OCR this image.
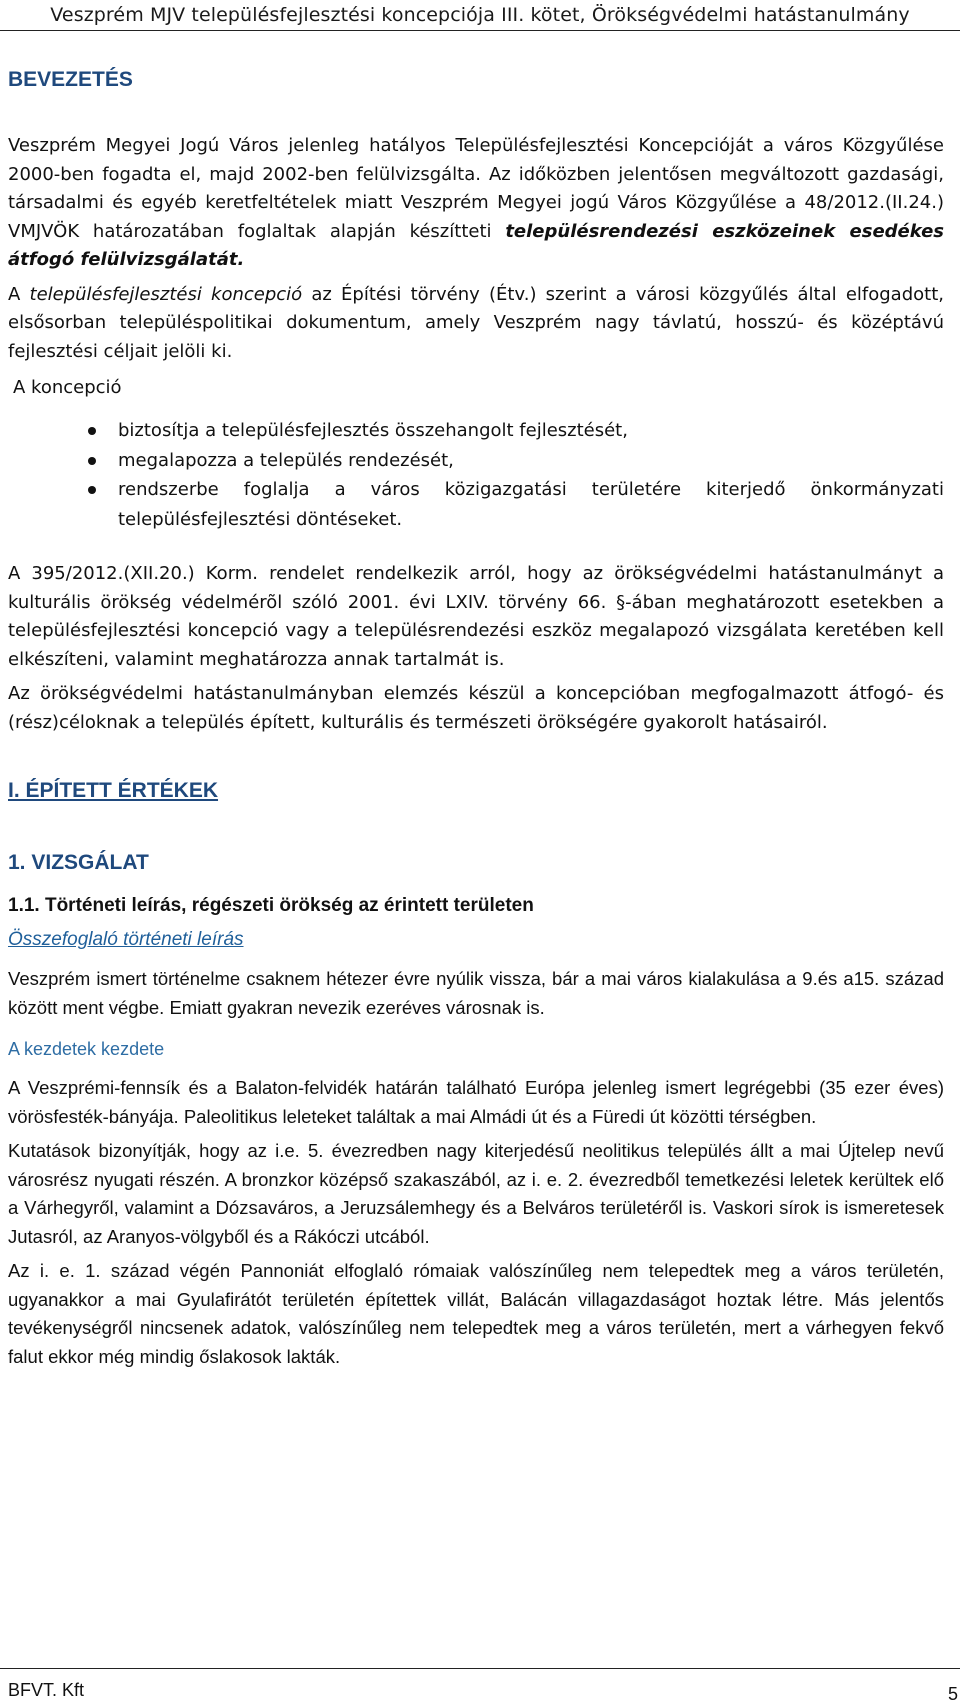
Veszprém MJV településfejlesztési koncepciója III. kötet, Örökségvédelmi hatástanulmány
BEVEZETÉS

Veszprém Megyei Jogú Város jelenleg hatályos Településfejlesztési Koncepcióját a város Közgyűlése 2000-ben fogadta el, majd 2002-ben felülvizsgálta. Az időközben jelentősen megváltozott gazdasági, társadalmi és egyéb keretfeltételek miatt Veszprém Megyei jogú Város Közgyűlése a 48/2012.(II.24.) VMJVÖK határozatában foglaltak alapján készítteti településrendezési eszközeinek esedékes átfogó felülvizsgálatát.

A településfejlesztési koncepció az Építési törvény (Étv.) szerint a városi közgyűlés által elfogadott, elsősorban településpolitikai dokumentum, amely Veszprém nagy távlatú, hosszú- és középtávú fejlesztési céljait jelöli ki.

A koncepció
biztosítja a településfejlesztés összehangolt fejlesztését,
megalapozza a település rendezését,
rendszerbe foglalja a város közigazgatási területére kiterjedő önkormányzati településfejlesztési döntéseket.

A 395/2012.(XII.20.) Korm. rendelet rendelkezik arról, hogy az örökségvédelmi hatástanulmányt a kulturális örökség védelmérõl szóló 2001. évi LXIV. törvény 66. §-ában meghatározott esetekben a településfejlesztési koncepció vagy a településrendezési eszköz megalapozó vizsgálata keretében kell elkészíteni, valamint meghatározza annak tartalmát is.

Az örökségvédelmi hatástanulmányban elemzés készül a koncepcióban megfogalmazott átfogó- és (rész)céloknak a település épített, kulturális és természeti örökségére gyakorolt hatásairól.

I. ÉPÍTETT ÉRTÉKEK
1. VIZSGÁLAT
1.1. Történeti leírás, régészeti örökség az érintett területen
Összefoglaló történeti leírás

Veszprém ismert történelme csaknem hétezer évre nyúlik vissza, bár a mai város kialakulása a 9.és a15. század között ment végbe. Emiatt gyakran nevezik ezeréves városnak is.

A kezdetek kezdete

A Veszprémi-fennsík és a Balaton-felvidék határán található Európa jelenleg ismert legrégebbi (35 ezer éves) vörösfesték-bányája. Paleolitikus leleteket találtak a mai Almádi út és a Füredi út közötti térségben.

Kutatások bizonyítják, hogy az i.e. 5. évezredben nagy kiterjedésű neolitikus település állt a mai Újtelep nevű városrész nyugati részén. A bronzkor középső szakaszából, az i. e. 2. évezredből temetkezési leletek kerültek elő a Várhegyről, valamint a Dózsaváros, a Jeruzsálemhegy és a Belváros területéről is. Vaskori sírok is ismeretesek Jutasról, az Aranyos-völgyből és a Rákóczi utcából.

Az i. e. 1. század végén Pannoniát elfoglaló rómaiak valószínűleg nem telepedtek meg a város területén, ugyanakkor a mai Gyulafirátót területén építettek villát, Balácán villagazdaságot hoztak létre. Más jelentős tevékenységről nincsenek adatok, valószínűleg nem telepedtek meg a város területén, mert a várhegyen fekvő falut ekkor még mindig őslakosok lakták.

BFVT. Kft	5
